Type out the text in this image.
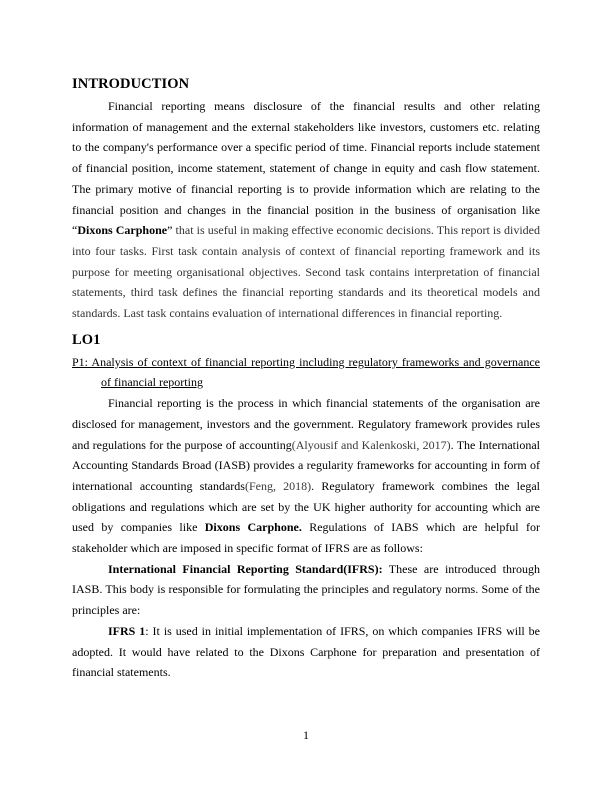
INTRODUCTION

Financial reporting means disclosure of the financial results and other relating information of management and the external stakeholders like investors, customers etc. relating to the company's performance over a specific period of time. Financial reports include statement of financial position, income statement, statement of change in equity and cash flow statement. The primary motive of financial reporting is to provide information which are relating to the financial position and changes in the financial position in the business of organisation like “Dixons Carphone” that is useful in making effective economic decisions. This report is divided into four tasks. First task contain analysis of context of financial reporting framework and its purpose for meeting organisational objectives. Second task contains interpretation of financial statements, third task defines the financial reporting standards and its theoretical models and standards. Last task contains evaluation of international differences in financial reporting.

LO1

P1: Analysis of context of financial reporting including regulatory frameworks and governance of financial reporting

Financial reporting is the process in which financial statements of the organisation are disclosed for management, investors and the government. Regulatory framework provides rules and regulations for the purpose of accounting(Alyousif and Kalenkoski, 2017). The International Accounting Standards Broad (IASB) provides a regularity frameworks for accounting in form of international accounting standards(Feng, 2018). Regulatory framework combines the legal obligations and regulations which are set by the UK higher authority for accounting which are used by companies like Dixons Carphone. Regulations of IABS which are helpful for stakeholder which are imposed in specific format of IFRS are as follows:

International Financial Reporting Standard(IFRS): These are introduced through IASB. This body is responsible for formulating the principles and regulatory norms. Some of the principles are:

IFRS 1: It is used in initial implementation of IFRS, on which companies IFRS will be adopted. It would have related to the Dixons Carphone for preparation and presentation of financial statements.

1
